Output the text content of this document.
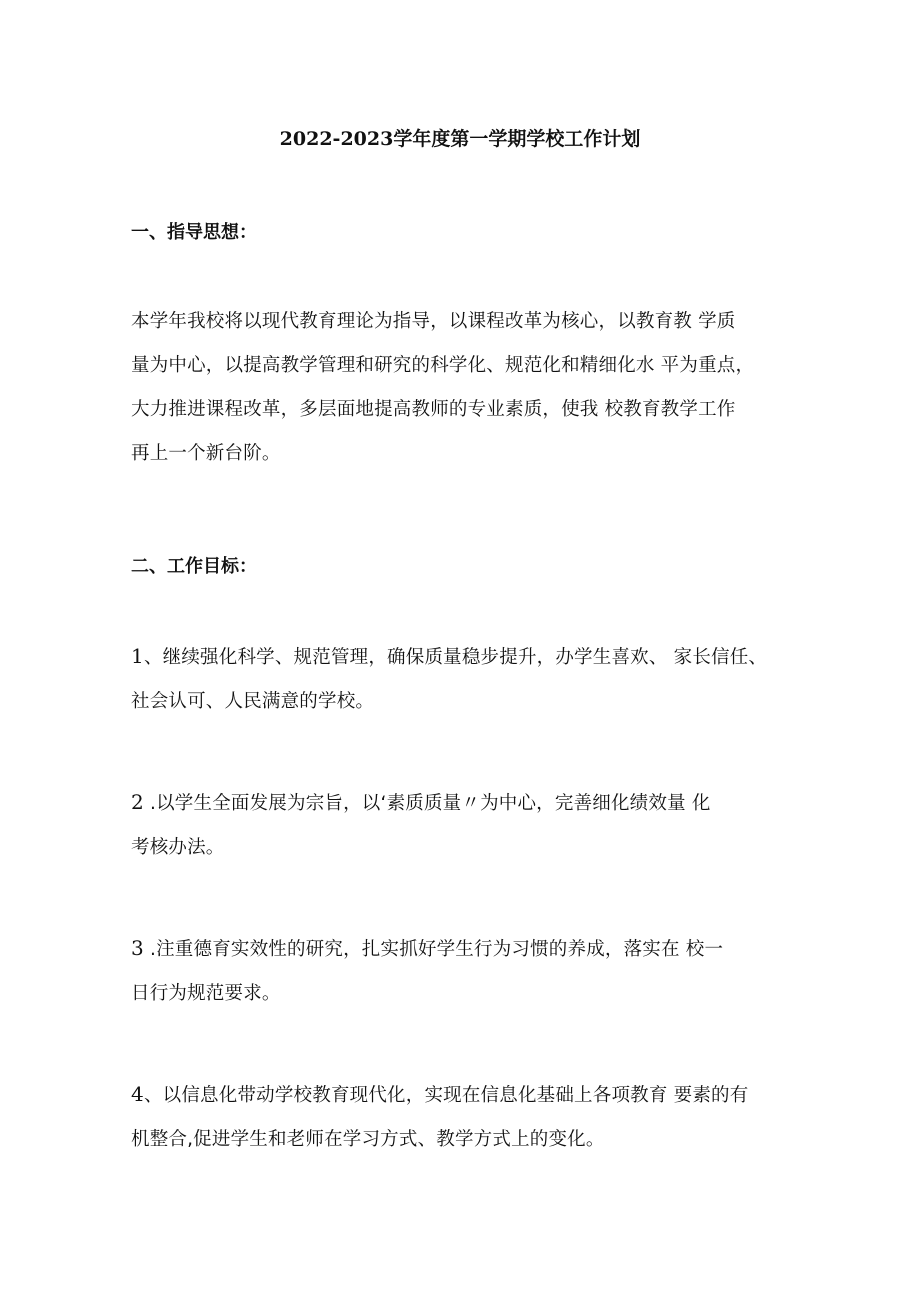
2022-2023学年度第一学期学校工作计划
一、指导思想：
本学年我校将以现代教育理论为指导，以课程改革为核心，以教育教 学质
量为中心，以提高教学管理和研究的科学化、规范化和精细化水 平为重点，
大力推进课程改革，多层面地提高教师的专业素质，使我 校教育教学工作
再上一个新台阶。
二、工作目标：
1、继续强化科学、规范管理，确保质量稳步提升，办学生喜欢、 家长信任、
社会认可、人民满意的学校。
2 .以学生全面发展为宗旨，以‘素质质量〃为中心，完善细化绩效量 化
考核办法。
3 .注重德育实效性的研究，扎实抓好学生行为习惯的养成，落实在 校一
日行为规范要求。
4、以信息化带动学校教育现代化，实现在信息化基础上各项教育 要素的有
机整合,促进学生和老师在学习方式、教学方式上的变化。
